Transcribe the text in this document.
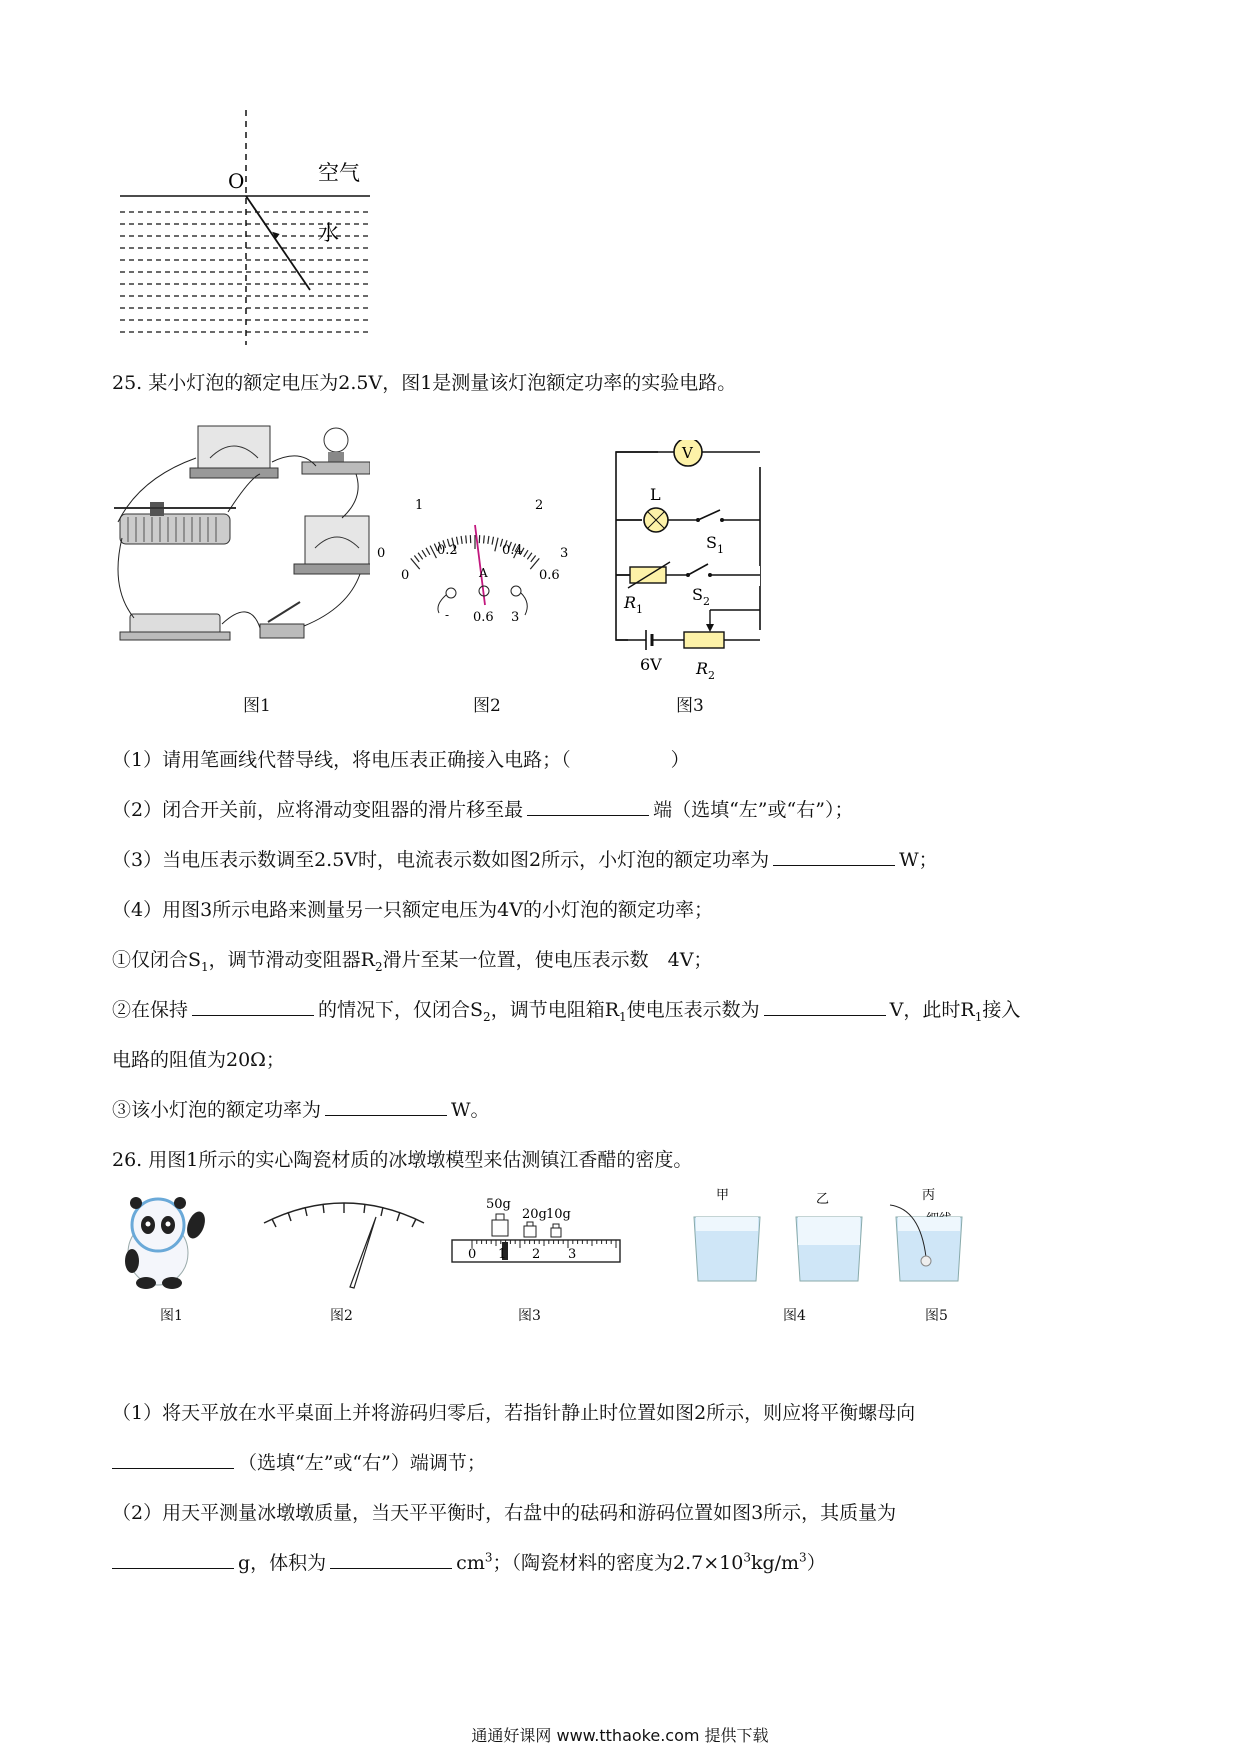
O	空气
水
25. 某小灯泡的额定电压为2.5V，图1是测量该灯泡额定功率的实验电路。
0
1	2
3
0
0.2	0.4
0.6
A
- 0.6 3
V
L
$S_1$
$R_1$
$S_2$
6V $R_2$
图1	图2	图3
（1）请用笔画线代替导线，将电压表正确接入电路；（	）
（2）闭合开关前，应将滑动变阻器的滑片移至最	端（选填“左”或“右”）；
（3）当电压表示数调至2.5V时，电流表示数如图2所示，小灯泡的额定功率为	W；
（4）用图3所示电路来测量另一只额定电压为4V的小灯泡的额定功率；
①仅闭合$S_1$，调节滑动变阻器$R_2$滑片至某一位置，使电压表示数　4V；
②在保持	的情况下，仅闭合$S_2$，调节电阻箱$R_1$使电压表示数为	V，此时$R_1$接入
电路的阻值为20Ω；
③该小灯泡的额定功率为	W。
26. 用图1所示的实心陶瓷材质的冰墩墩模型来估测镇江香醋的密度。
50g
20g 10g
0 1 2 3
甲	乙	丙
图1	图2	图3	图4	图5
（1）将天平放在水平桌面上并将游码归零后，若指针静止时位置如图2所示，则应将平衡螺母向
（选填“左”或“右”）端调节；
（2）用天平测量冰墩墩质量，当天平平衡时，右盘中的砝码和游码位置如图3所示，其质量为
g，体积为	$cm^3$；（陶瓷材料的密度为$2.7\times 10^3kg/m^3$）
通通好课网 www.tthaoke.com 提供下载
